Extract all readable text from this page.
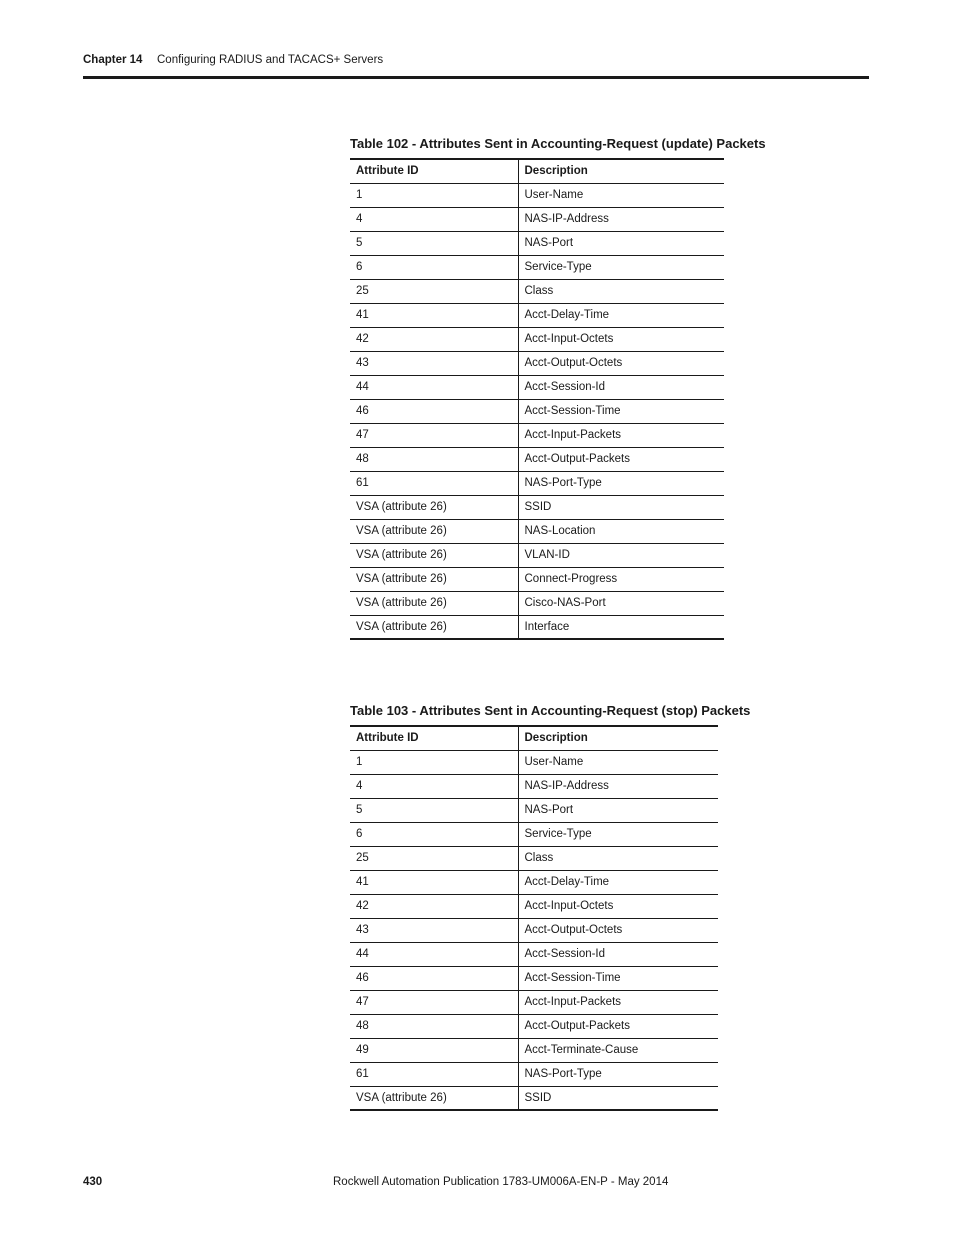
Chapter 14 Configuring RADIUS and TACACS+ Servers

Table 102 - Attributes Sent in Accounting-Request (update) Packets

Attribute ID	Description
1	User-Name
4	NAS-IP-Address
5	NAS-Port
6	Service-Type
25	Class
41	Acct-Delay-Time
42	Acct-Input-Octets
43	Acct-Output-Octets
44	Acct-Session-Id
46	Acct-Session-Time
47	Acct-Input-Packets
48	Acct-Output-Packets
61	NAS-Port-Type
VSA (attribute 26)	SSID
VSA (attribute 26)	NAS-Location
VSA (attribute 26)	VLAN-ID
VSA (attribute 26)	Connect-Progress
VSA (attribute 26)	Cisco-NAS-Port
VSA (attribute 26)	Interface

Table 103 - Attributes Sent in Accounting-Request (stop) Packets

Attribute ID	Description
1	User-Name
4	NAS-IP-Address
5	NAS-Port
6	Service-Type
25	Class
41	Acct-Delay-Time
42	Acct-Input-Octets
43	Acct-Output-Octets
44	Acct-Session-Id
46	Acct-Session-Time
47	Acct-Input-Packets
48	Acct-Output-Packets
49	Acct-Terminate-Cause
61	NAS-Port-Type
VSA (attribute 26)	SSID
430	Rockwell Automation Publication 1783-UM006A-EN-P - May 2014
